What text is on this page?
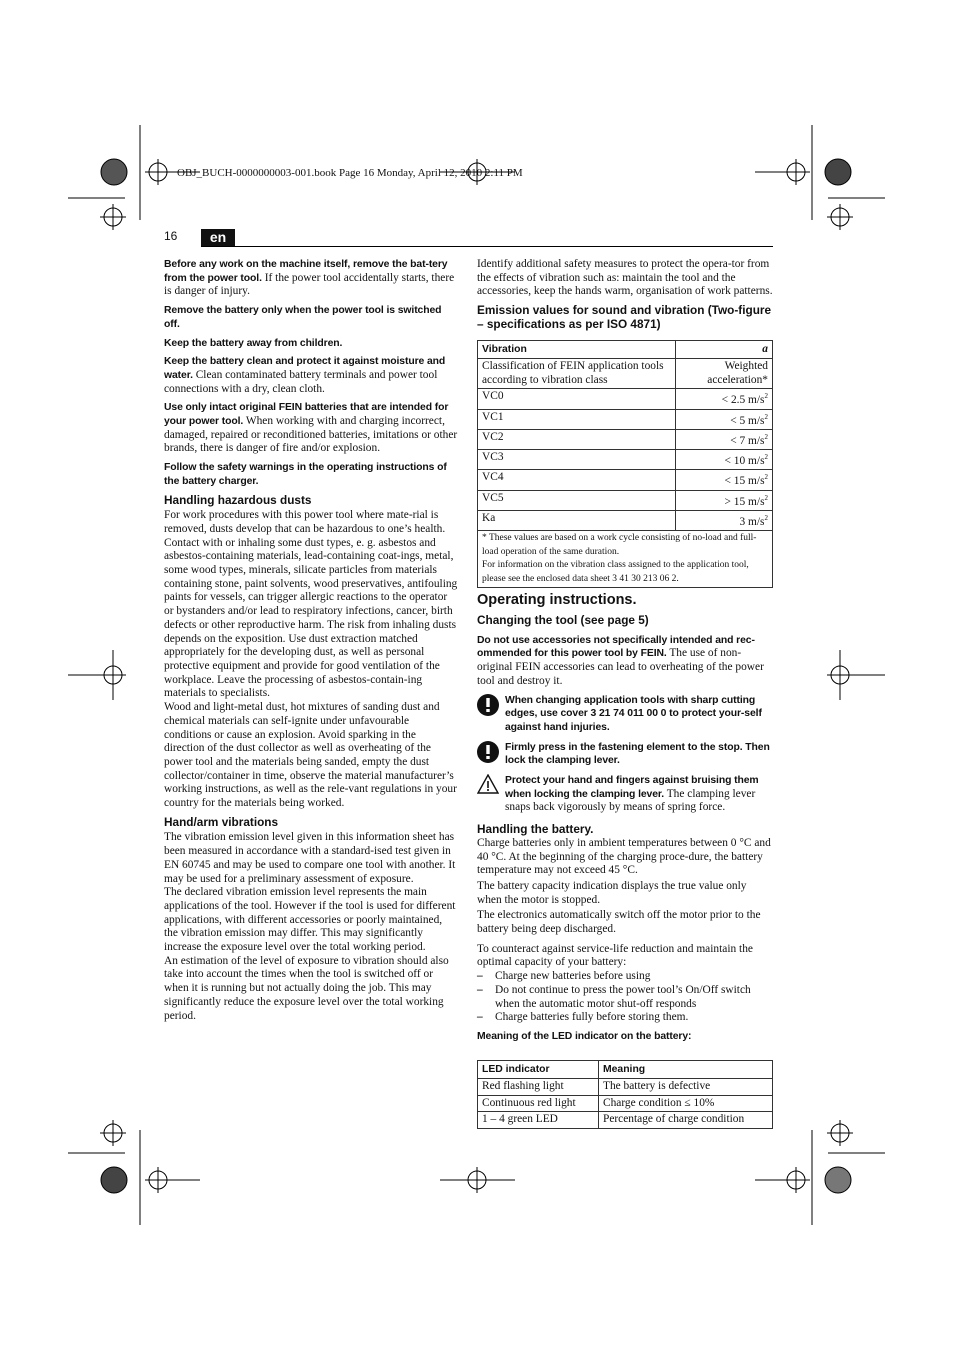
OBJ_BUCH-0000000003-001.book Page 16 Monday, April 12, 2010 2:11 PM
16	en

Before any work on the machine itself, remove the bat-tery from the power tool. If the power tool accidentally starts, there is danger of injury.

Remove the battery only when the power tool is switched off.

Keep the battery away from children.

Keep the battery clean and protect it against moisture and water. Clean contaminated battery terminals and power tool connections with a dry, clean cloth.

Use only intact original FEIN batteries that are intended for your power tool. When working with and charging incorrect, damaged, repaired or reconditioned batteries, imitations or other brands, there is danger of fire and/or explosion.

Follow the safety warnings in the operating instructions of the battery charger.

Handling hazardous dusts
For work procedures with this power tool where mate-rial is removed, dusts develop that can be hazardous to one’s health.
Contact with or inhaling some dust types, e. g. asbestos and asbestos-containing materials, lead-containing coat-ings, metal, some wood types, minerals, silicate particles from materials containing stone, paint solvents, wood preservatives, antifouling paints for vessels, can trigger allergic reactions to the operator or bystanders and/or lead to respiratory infections, cancer, birth defects or other reproductive harm. The risk from inhaling dusts depends on the exposition. Use dust extraction matched appropriately for the developing dust, as well as personal protective equipment and provide for good ventilation of the workplace. Leave the processing of asbestos-contain-ing materials to specialists.
Wood and light-metal dust, hot mixtures of sanding dust and chemical materials can self-ignite under unfavourable conditions or cause an explosion. Avoid sparking in the direction of the dust collector as well as overheating of the power tool and the materials being sanded, empty the dust collector/container in time, observe the material manufacturer’s working instructions, as well as the rele-vant regulations in your country for the materials being worked.
Hand/arm vibrations
The vibration emission level given in this information sheet has been measured in accordance with a standard-ised test given in EN 60745 and may be used to compare one tool with another. It may be used for a preliminary assessment of exposure.
The declared vibration emission level represents the main applications of the tool. However if the tool is used for different applications, with different accessories or poorly maintained, the vibration emission may differ. This may significantly increase the exposure level over the total working period.
An estimation of the level of exposure to vibration should also take into account the times when the tool is switched off or when it is running but not actually doing the job. This may significantly reduce the exposure level over the total working period.

Identify additional safety measures to protect the opera-tor from the effects of vibration such as: maintain the tool and the accessories, keep the hands warm, organisation of work patterns.

Emission values for sound and vibration (Two-figure – specifications as per ISO 4871)
Vibration	a
Classification of FEIN application tools according to vibration class	Weighted acceleration*
VC0	< 2.5 $m/s^2$
VC1	< 5 $m/s^2$
VC2	< 7 $m/s^2$
VC3	< 10 $m/s^2$
VC4	< 15 $m/s^2$
VC5	> 15 $m/s^2$
Ka	3 $m/s^2$

* These values are based on a work cycle consisting of no-load and full-load operation of the same duration.
For information on the vibration class assigned to the application tool, please see the enclosed data sheet 3 41 30 213 06 2.	
Operating instructions.
Changing the tool (see page 5)

Do not use accessories not specifically intended and rec-ommended for this power tool by FEIN. The use of non-original FEIN accessories can lead to overheating of the power tool and destroy it.

When changing application tools with sharp cutting edges, use cover 3 21 74 011 00 0 to protect your-self against hand injuries.
Firmly press in the fastening element to the stop. Then lock the clamping lever.
Protect your hand and fingers against bruising them when locking the clamping lever. The clamping lever snaps back vigorously by means of spring force.
Handling the battery.
Charge batteries only in ambient temperatures between 0 °C and 40 °C. At the beginning of the charging proce-dure, the battery temperature may not exceed 45 °C.
The battery capacity indication displays the true value only when the motor is stopped.
The electronics automatically switch off the motor prior to the battery being deep discharged.
To counteract against service-life reduction and maintain the optimal capacity of your battery:
– Charge new batteries before using
– Do not continue to press the power tool’s On/Off switch when the automatic motor shut-off responds
– Charge batteries fully before storing them.

Meaning of the LED indicator on the battery:

LED indicator	Meaning
Red flashing light	The battery is defective
Continuous red light	Charge condition ≤ 10%
1 – 4 green LED	Percentage of charge condition
